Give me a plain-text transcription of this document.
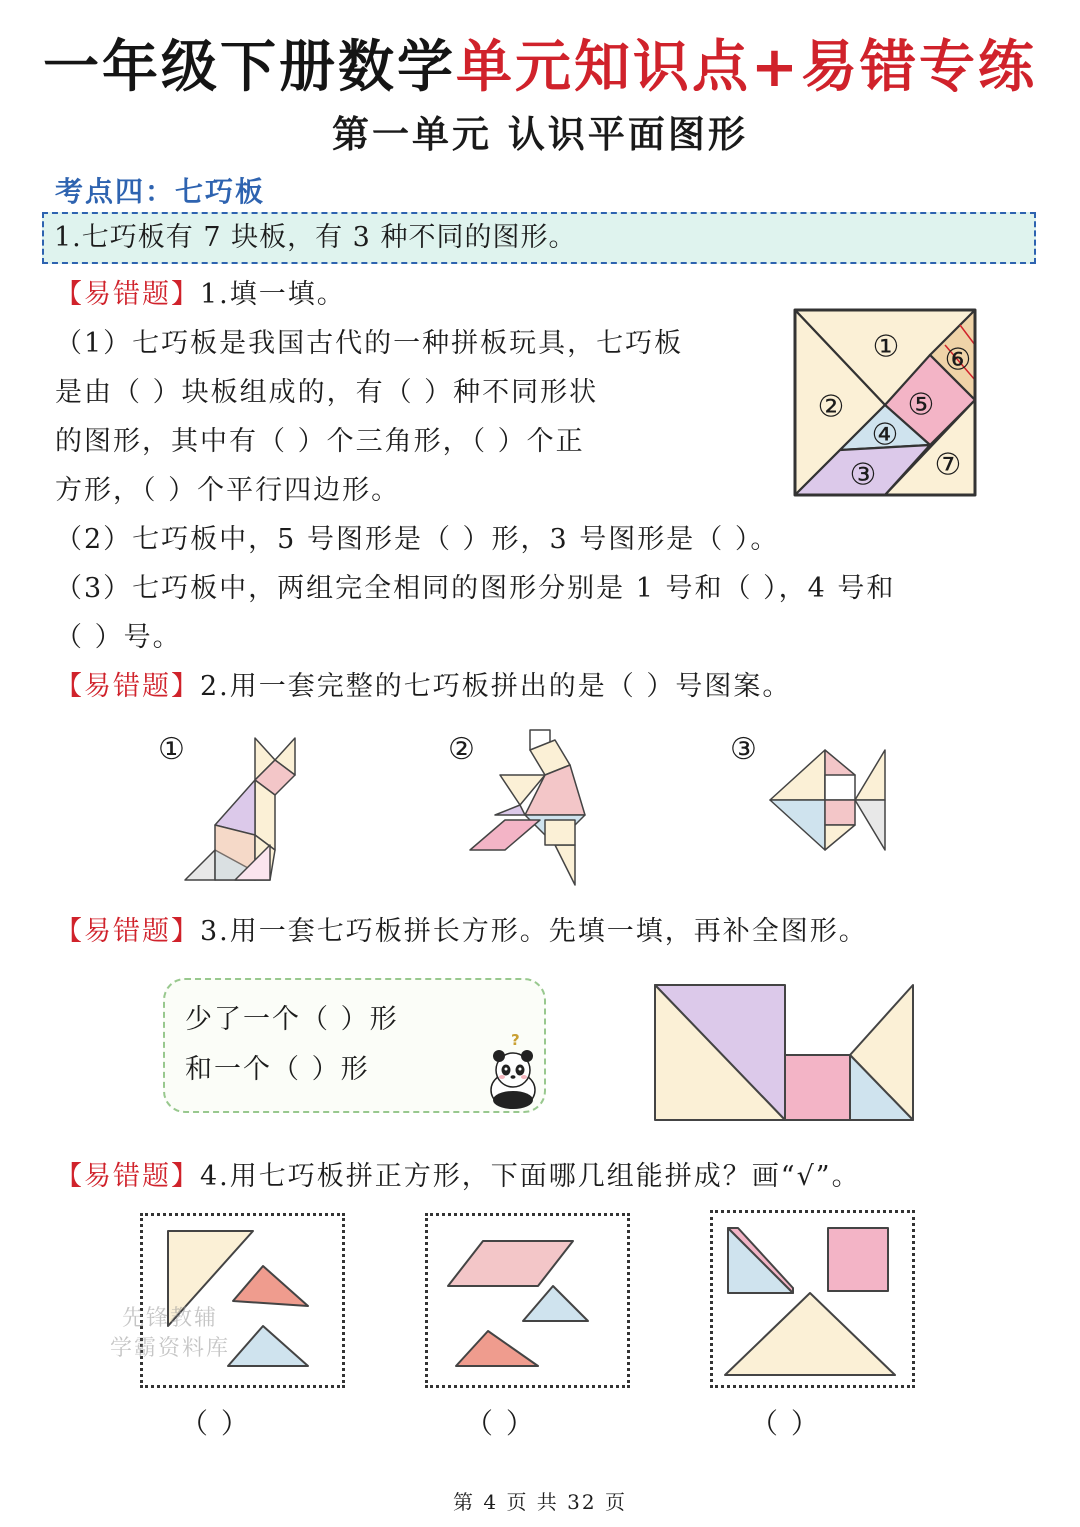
一年级下册数学单元知识点+易错专练
第一单元 认识平面图形
考点四：七巧板
1.七巧板有 7 块板，有 3 种不同的图形。
【易错题】1.填一填。
（1）七巧板是我国古代的一种拼板玩具，七巧板
是由（ ）块板组成的，有（ ）种不同形状
的图形，其中有（ ）个三角形，（ ）个正
方形，（ ）个平行四边形。
（2）七巧板中，5 号图形是（ ）形，3 号图形是（ ）。
（3）七巧板中，两组完全相同的图形分别是 1 号和（ ），4 号和
（ ）号。
①
②
③
④
⑤
⑥
⑦
【易错题】2.用一套完整的七巧板拼出的是（ ）号图案。
①	②	③
【易错题】3.用一套七巧板拼长方形。先填一填，再补全图形。
少了一个（ ）形
和一个（ ）形
?
【易错题】4.用七巧板拼正方形，下面哪几组能拼成？画“√”。
（ ）	（ ）	（ ）
先锋教辅
学霸资料库
第 4 页 共 32 页
